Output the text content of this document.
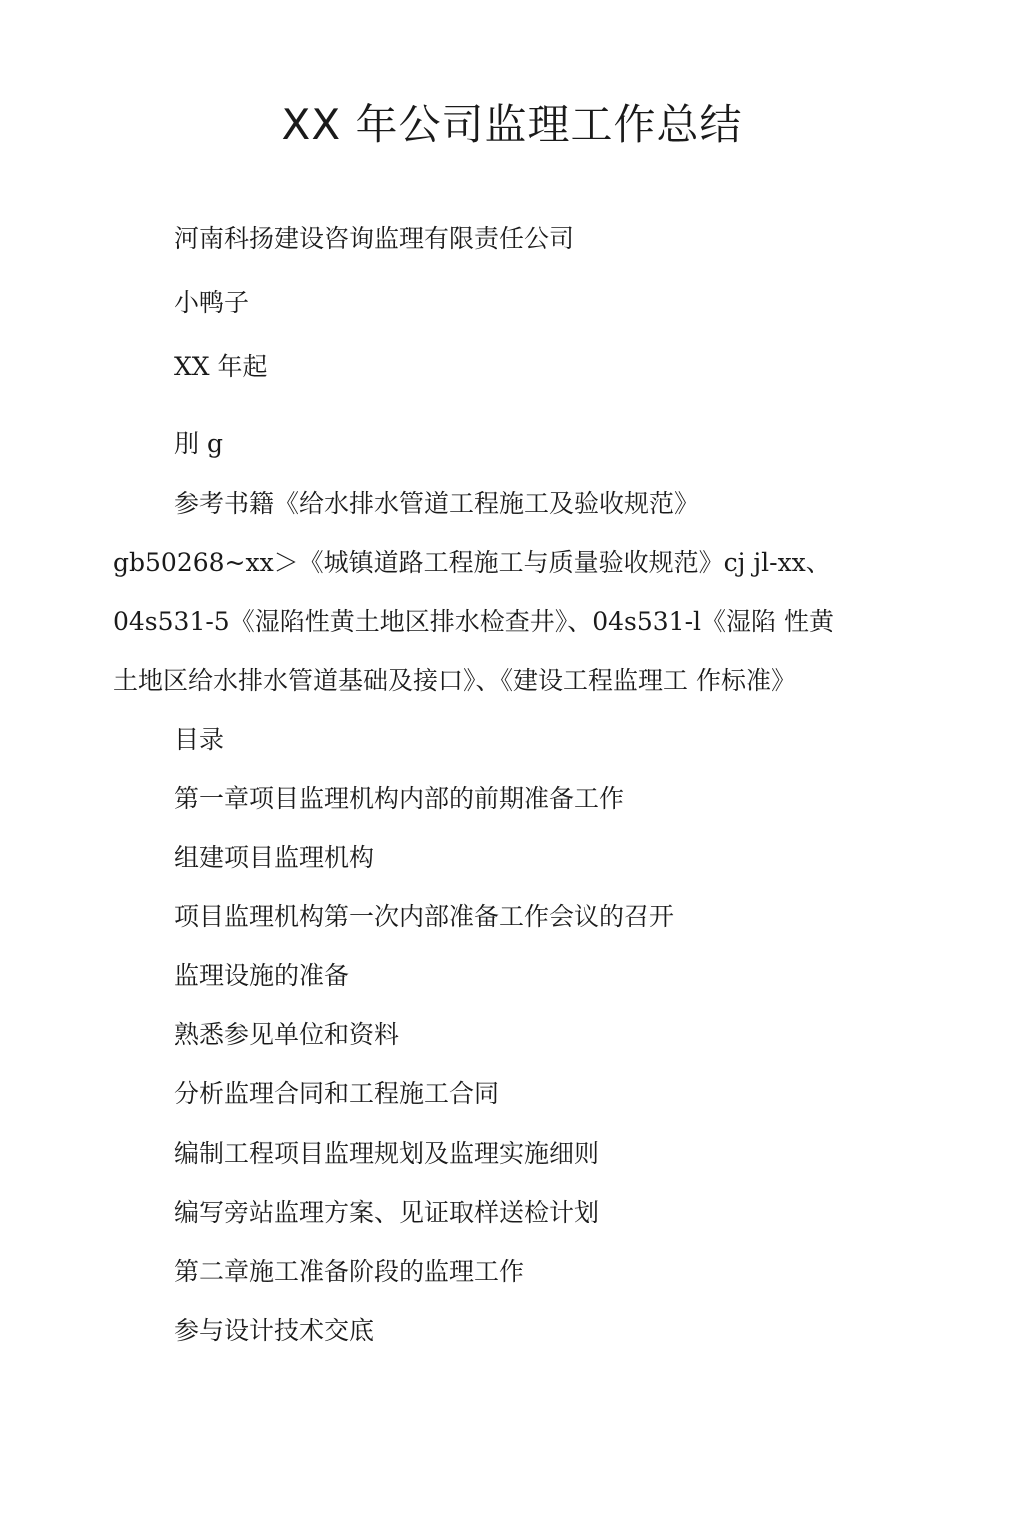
XX 年公司监理工作总结

河南科扬建设咨询监理有限责任公司

小鸭子

XX 年起

刖 g

参考书籍《给水排水管道工程施工及验收规范》

gb50268~xx＞《城镇道路工程施工与质量验收规范》cj jl-xx、

04s531-5《湿陷性黄土地区排水检查井》、04s531-l《湿陷 性黄

土地区给水排水管道基础及接口》、《建设工程监理工 作标准》

目录

第一章项目监理机构内部的前期准备工作

组建项目监理机构

项目监理机构第一次内部准备工作会议的召开

监理设施的准备

熟悉参见单位和资料

分析监理合同和工程施工合同

编制工程项目监理规划及监理实施细则

编写旁站监理方案、见证取样送检计划

第二章施工准备阶段的监理工作

参与设计技术交底
